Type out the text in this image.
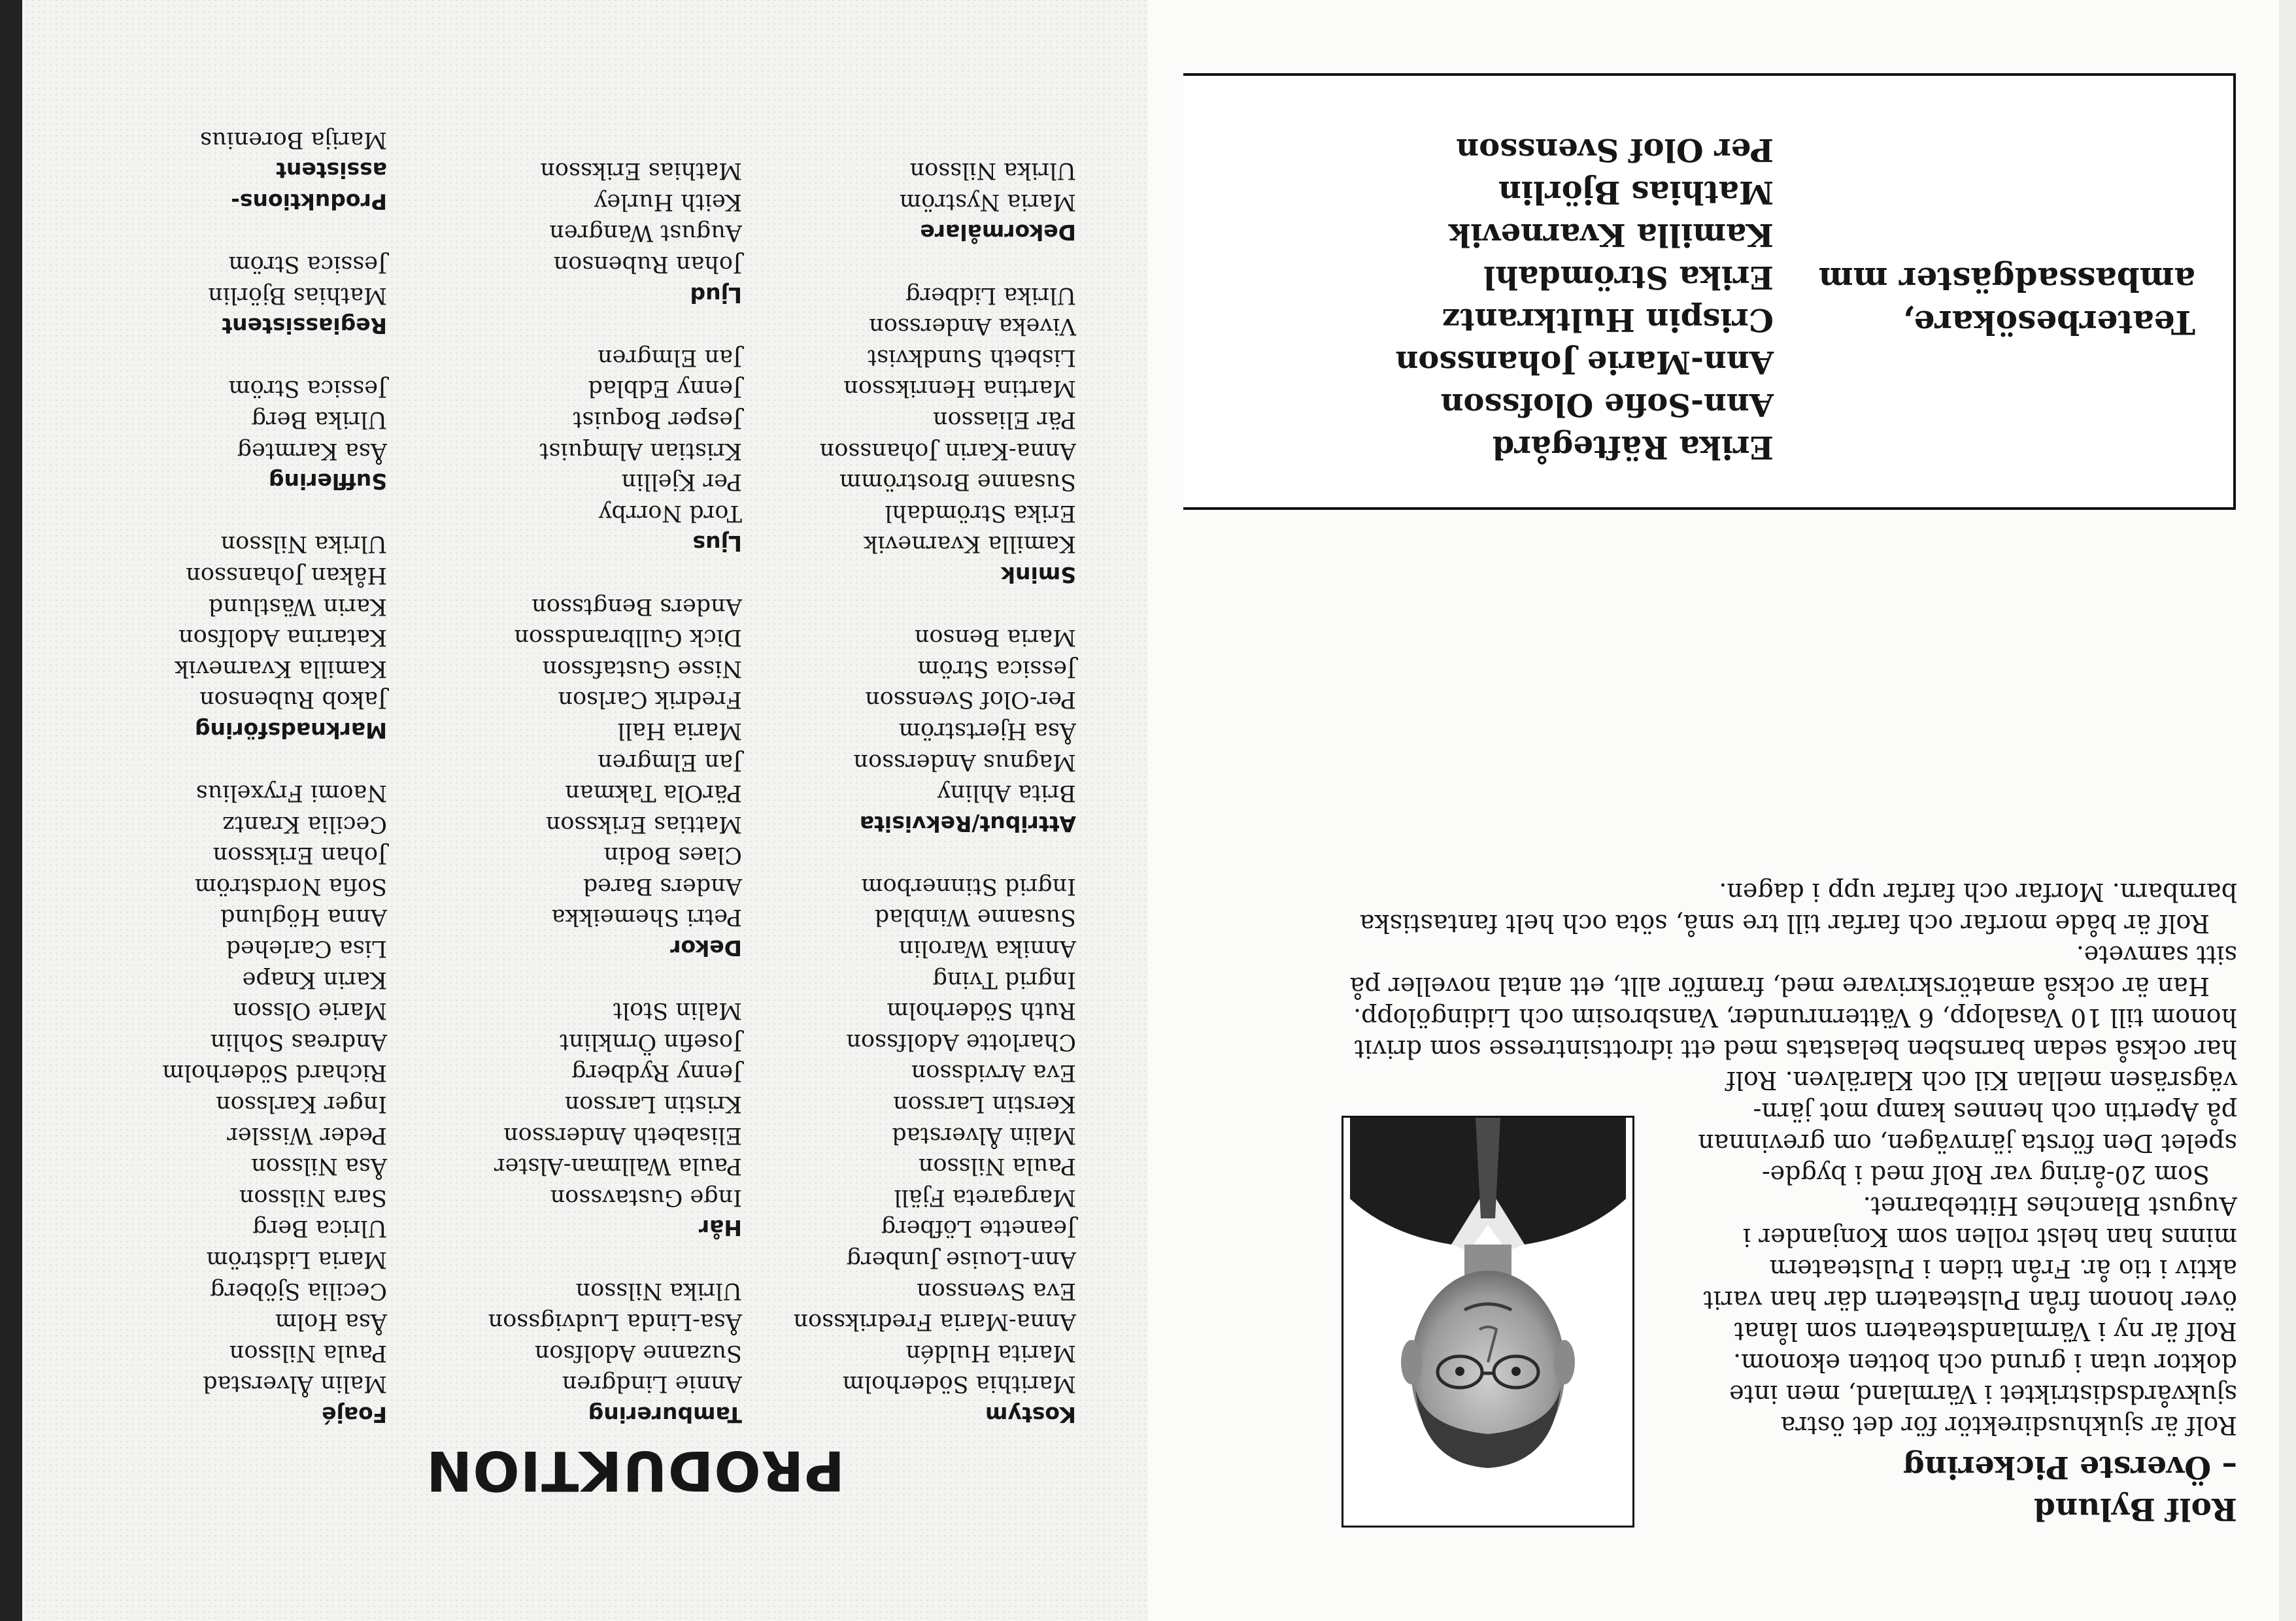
Rolf Bylund
– Överste Pickering

Rolf är sjukhusdirektör för det östra
sjukvårdsdistriktet i Värmland, men inte
doktor utan i grund och botten ekonom.
Rolf är ny i Värmlandsteatern som lånat
över honom från Pulsteatern där han varit
aktiv i tio år. Från tiden i Pulsteatern
minns han helst rollen som Konjander i
August Blanches Hittebarnet.

Som 20-åring var Rolf med i bygde-
spelet Den första järnvägen, om grevinnan
på Apertin och hennes kamp mot järn-
vägsräsen mellan Kil och Klarälven. Rolf
har också sedan barnsben belastats med ett idrottsintresse som drivit
honom till 10 Vasalopp, 6 Vätternrunder, Vansbrosim och Lidingölopp.

Han är också amatörskrivare med, framför allt, ett antal noveller på
sitt samvete.

Rolf är både morfar och farfar till tre små, söta och helt fantastiska
barnbarn. Morfar och farfar upp i dagen.

Teaterbesökare,
ambassadgäster mm
Erika Räftegård
Ann-Sofie Olofsson
Ann-Marie Johansson
Crispin Hultkrantz
Erika Strömdahl
Kamilla Kvarnevik
Mathias Björlin
Per Olof Svensson
PRODUKTION
Kostym
Marithia Söderholm
Marita Huldén
Anna-Maria Fredriksson
Eva Svensson
Ann-Louise Junberg
Jeanette Löfberg
Margareta Fjäll
Paula Nilsson
Malin Ålverstad
Kerstin Larsson
Eva Arvidsson
Charlotte Adolfsson
Ruth Söderholm
Ingrid Tving
Annika Warolin
Susanne Winblad
Ingrid Stinnerbom
Attribut/Rekvisita
Brita Ahliny
Magnus Andersson
Åsa Hjertström
Per-Olof Svensson
Jessica Ström
Maria Benson
Smink
Kamilla Kvarnevik
Erika Strömdahl
Susanne Broströmm
Anna-Karin Johansson
Pär Eliasson
Martina Henriksson
Lisbeth Sundkvist
Viveka Andersson
Ulrika Lidberg
Dekormålare
Maria Nyström
Ulrika Nilsson
Tamburering
Annie Lindgren
Suzanne Adolfson
Åsa-Linda Ludvigsson
Ulrika Nilsson
Hår
Inge Gustavsson
Paula Wallman-Alster
Elisabeth Andersson
Kristin Larsson
Jenny Rydberg
Josefin Örnklint
Malin Stolt
Dekor
Petri Shemeikka
Anders Bared
Claes Bodin
Mattias Eriksson
PärOla Takman
Jan Elmgren
Maria Hall
Fredrik Carlson
Nisse Gustafsson
Dick Gullbrandsson
Anders Bengtsson
Ljus
Tord Norrby
Per Kjellin
Kristian Almquist
Jesper Boquist
Jenny Edblad
Jan Elmgren
Ljud
Johan Rubenson
August Wangren
Keith Hurley
Mathias Eriksson
Foajé
Malin Ålverstad
Paula Nilsson
Åsa Holm
Cecilia Sjöberg
Maria Lidström
Ulrica Berg
Sara Nilsson
Åsa Nilsson
Peder Wissler
Inger Karlsson
Richard Söderholm
Andreas Sohlin
Marie Olsson
Karin Knape
Lisa Carlehed
Anna Höglund
Sofia Nordström
Johan Eriksson
Cecilia Krantz
Naomi Fryxelius
Marknadsföring
Jakob Rubenson
Kamilla Kvarnevik
Katarina Adolfson
Karin Wästlund
Håkan Johansson
Ulrika Nilsson
Sufflering
Åsa Karmteg
Ulrika Berg
Jessica Ström
Regiassistent
Mathias Björlin
Jessica Ström
Produktions-
assistent
Marija Borenius
